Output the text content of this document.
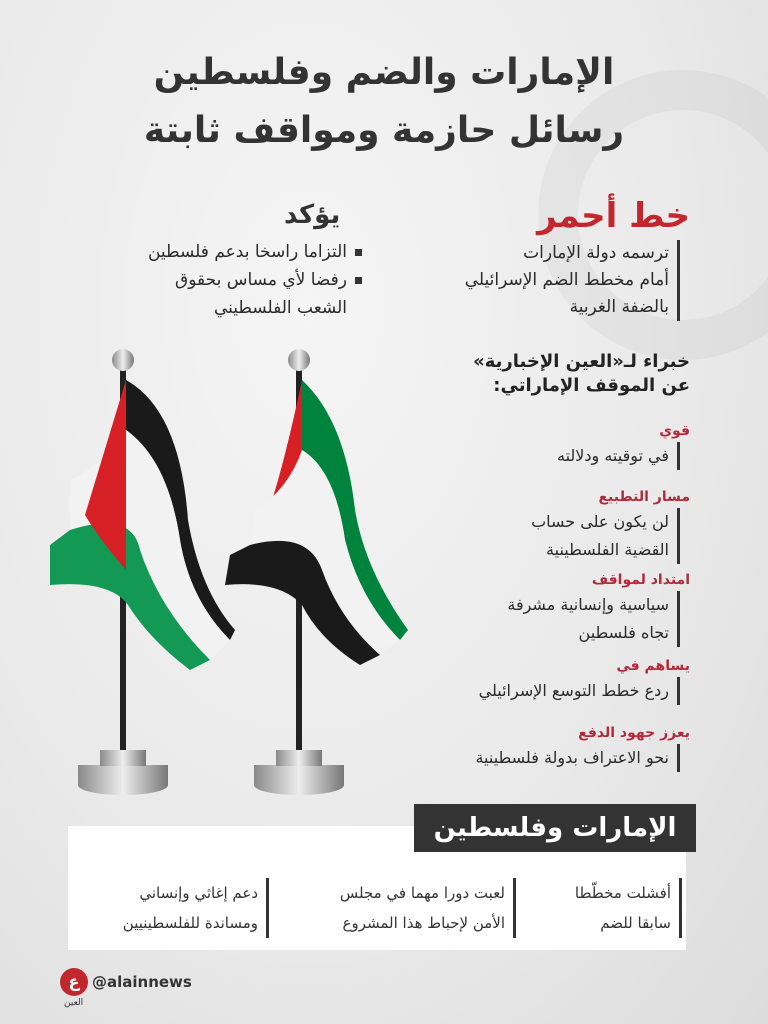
الإمارات والضم وفلسطين
رسائل حازمة ومواقف ثابتة
خط أحمر
ترسمه دولة الإمارات
أمام مخطط الضم الإسرائيلي
بالضفة الغربية
يؤكد
التزاما راسخا بدعم فلسطين
رفضا لأي مساس بحقوق
الشعب الفلسطيني
خبراء لـ«العين الإخبارية»
عن الموقف الإماراتي:
قوي
في توقيته ودلالته
مسار التطبيع
لن يكون على حساب
القضية الفلسطينية
امتداد لمواقف
سياسية وإنسانية مشرفة
تجاه فلسطين
يساهم في
ردع خطط التوسع الإسرائيلي
يعزز جهود الدفع
نحو الاعتراف بدولة فلسطينية
الإمارات وفلسطين
أفشلت مخطّطا
سابقا للضم
لعبت دورا مهما في مجلس
الأمن لإحباط هذا المشروع
دعم إغاثي وإنساني
ومساندة للفلسطينيين
ع
العين
@alainnews
